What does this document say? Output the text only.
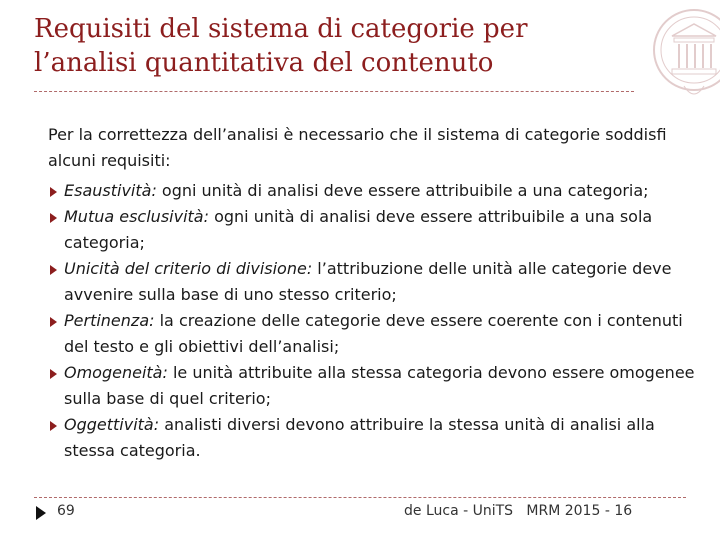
Requisiti del sistema di categorie per l’analisi quantitativa del contenuto

Per la correttezza dell’analisi è necessario che il sistema di categorie soddisfi alcuni requisiti:

Esaustività: ogni unità di analisi deve essere attribuibile a una categoria;
Mutua esclusività: ogni unità di analisi deve essere attribuibile a una sola categoria;
Unicità del criterio di divisione: l’attribuzione delle unità alle categorie deve avvenire sulla base di uno stesso criterio;
Pertinenza: la creazione delle categorie deve essere coerente con i contenuti del testo e gli obiettivi dell’analisi;
Omogeneità: le unità attribuite alla stessa categoria devono essere omogenee sulla base di quel criterio;
Oggettività: analisti diversi devono attribuire la stessa unità di analisi alla stessa categoria.
69	de Luca - UniTS   MRM 2015 - 16
